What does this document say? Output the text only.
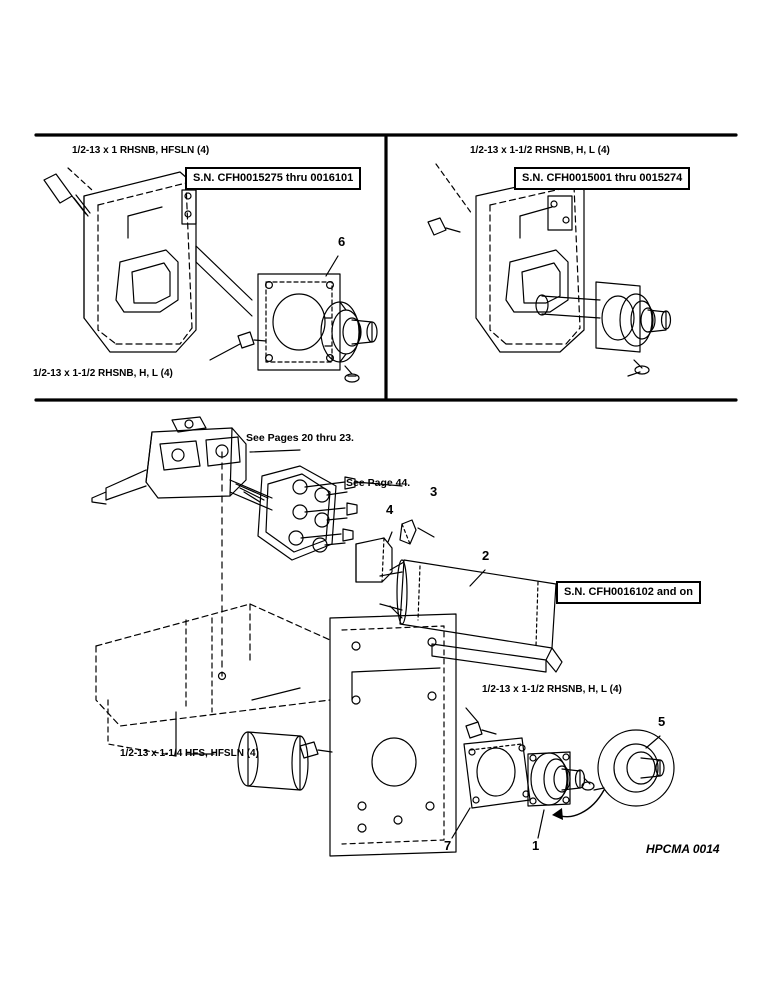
1/2-13 x 1 RHSNB, HFSLN (4)
S.N. CFH0015275 thru 0016101
6
1/2-13 x 1-1/2 RHSNB, H, L (4)
1/2-13 x 1-1/2 RHSNB, H, L (4)
S.N. CFH0015001 thru 0015274
See Pages 20 thru 23.
See Page 44.
3
4
2
S.N. CFH0016102 and on
1/2-13 x 1-1/2 RHSNB, H, L (4)
5
1/2-13 x 1-1/4 HFS, HFSLN (4)
7	1	HPCMA 0014
